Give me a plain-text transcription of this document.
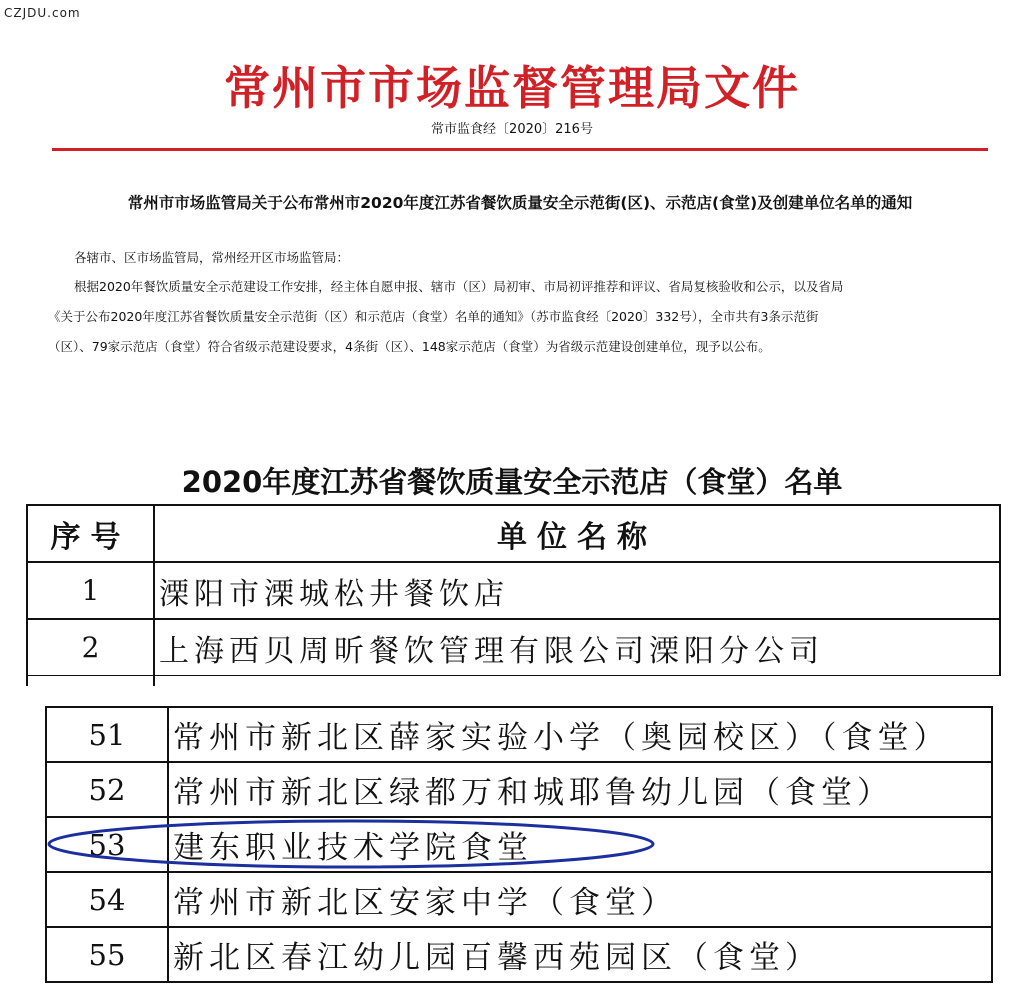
CZJDU.com
常州市市场监督管理局文件
常市监食经〔2020〕216号
常州市市场监管局关于公布常州市2020年度江苏省餐饮质量安全示范街(区)、示范店(食堂)及创建单位名单的通知
各辖市、区市场监管局，常州经开区市场监管局：
根据2020年餐饮质量安全示范建设工作安排，经主体自愿申报、辖市（区）局初审、市局初评推荐和评议、省局复核验收和公示，以及省局
《关于公布2020年度江苏省餐饮质量安全示范街（区）和示范店（食堂）名单的通知》（苏市监食经〔2020〕332号），全市共有3条示范街
（区）、79家示范店（食堂）符合省级示范建设要求，4条街（区）、148家示范店（食堂）为省级示范建设创建单位，现予以公布。
2020年度江苏省餐饮质量安全示范店（食堂）名单
序号	单位名称
1	溧阳市溧城松井餐饮店
2	上海西贝周昕餐饮管理有限公司溧阳分公司
51	常州市新北区薛家实验小学（奥园校区）（食堂）
52	常州市新北区绿都万和城耶鲁幼儿园（食堂）
53	建东职业技术学院食堂
54	常州市新北区安家中学（食堂）
55	新北区春江幼儿园百馨西苑园区（食堂）
